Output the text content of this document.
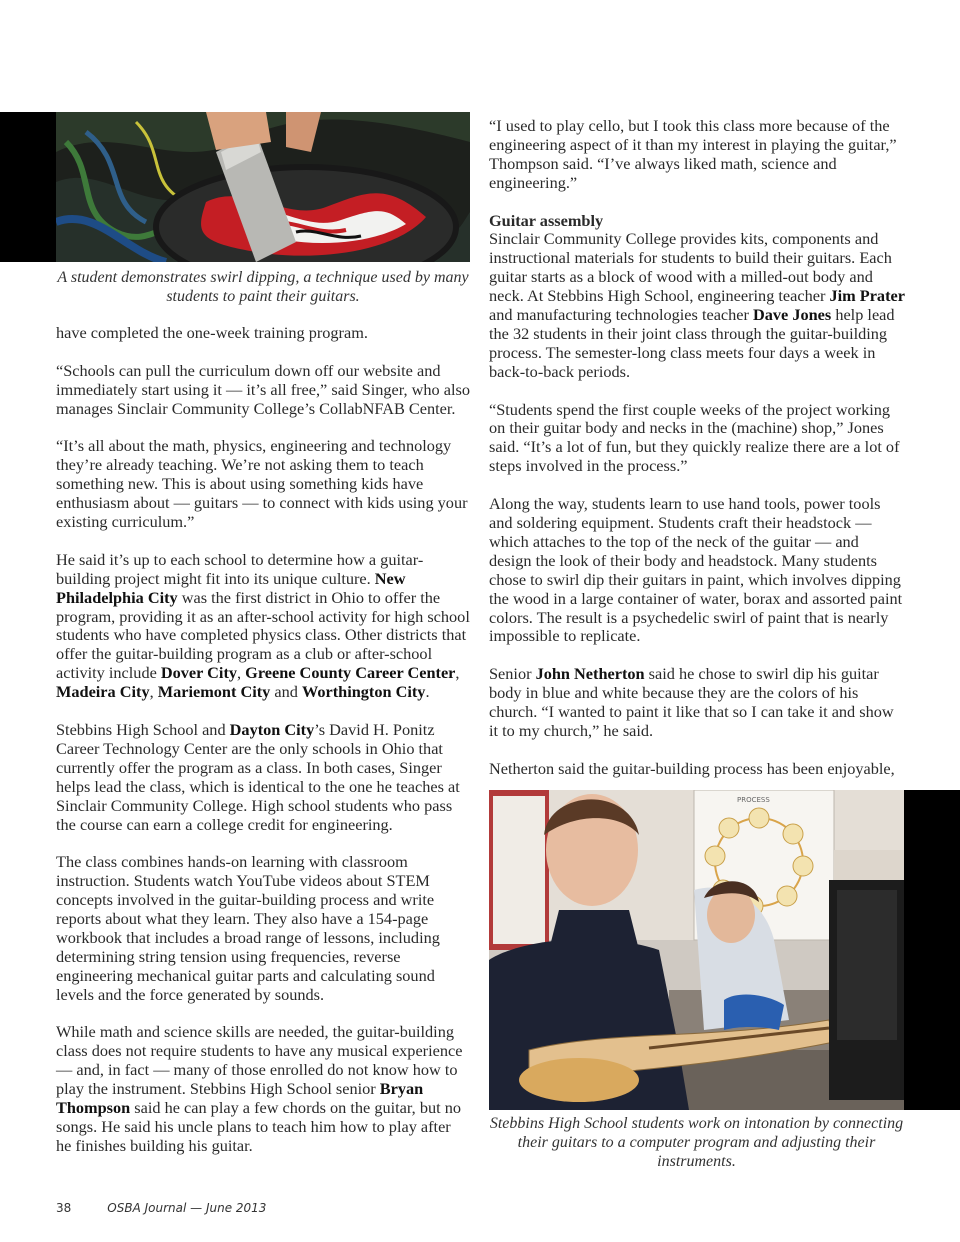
A student demonstrates swirl dipping, a technique used by many students to paint their guitars.

have completed the one-week training program.

“Schools can pull the curriculum down off our website and immediately start using it — it’s all free,” said Singer, who also manages Sinclair Community College’s CollabNFAB Center.

“It’s all about the math, physics, engineering and technology they’re already teaching. We’re not asking them to teach something new. This is about using something kids have enthusiasm about — guitars — to connect with kids using your existing curriculum.”

He said it’s up to each school to determine how a guitar-building project might fit into its unique culture. New Philadelphia City was the first district in Ohio to offer the program, providing it as an after-school activity for high school students who have completed physics class. Other districts that offer the guitar-building program as a club or after-school activity include Dover City, Greene County Career Center, Madeira City, Mariemont City and Worthington City.

Stebbins High School and Dayton City’s David H. Ponitz Career Technology Center are the only schools in Ohio that currently offer the program as a class. In both cases, Singer helps lead the class, which is identical to the one he teaches at Sinclair Community College. High school students who pass the course can earn a college credit for engineering.

The class combines hands-on learning with classroom instruction. Students watch YouTube videos about STEM concepts involved in the guitar-building process and write reports about what they learn. They also have a 154-page workbook that includes a broad range of lessons, including determining string tension using frequencies, reverse engineering mechanical guitar parts and calculating sound levels and the force generated by sounds.

While math and science skills are needed, the guitar-building class does not require students to have any musical experience — and, in fact — many of those enrolled do not know how to play the instrument. Stebbins High School senior Bryan Thompson said he can play a few chords on the guitar, but no songs. He said his uncle plans to teach him how to play after he finishes building his guitar.

“I used to play cello, but I took this class more because of the engineering aspect of it than my interest in playing the guitar,” Thompson said. “I’ve always liked math, science and engineering.”

Guitar assembly

Sinclair Community College provides kits, components and instructional materials for students to build their guitars. Each guitar starts as a block of wood with a milled-out body and neck. At Stebbins High School, engineering teacher Jim Prater and manufacturing technologies teacher Dave Jones help lead the 32 students in their joint class through the guitar-building process. The semester-long class meets four days a week in back-to-back periods.

“Students spend the first couple weeks of the project working on their guitar body and necks in the (machine) shop,” Jones said. “It’s a lot of fun, but they quickly realize there are a lot of steps involved in the process.”

Along the way, students learn to use hand tools, power tools and soldering equipment. Students craft their headstock — which attaches to the top of the neck of the guitar — and design the look of their body and headstock. Many students chose to swirl dip their guitars in paint, which involves dipping the wood in a large container of water, borax and assorted paint colors. The result is a psychedelic swirl of paint that is nearly impossible to replicate.

Senior John Netherton said he chose to swirl dip his guitar body in blue and white because they are the colors of his church. “I wanted to paint it like that so I can take it and show it to my church,” he said.

Netherton said the guitar-building process has been enjoyable,

PROCESS
Stebbins High School students work on intonation by connecting their guitars to a computer program and adjusting their instruments.
38	OSBA Journal — June 2013
